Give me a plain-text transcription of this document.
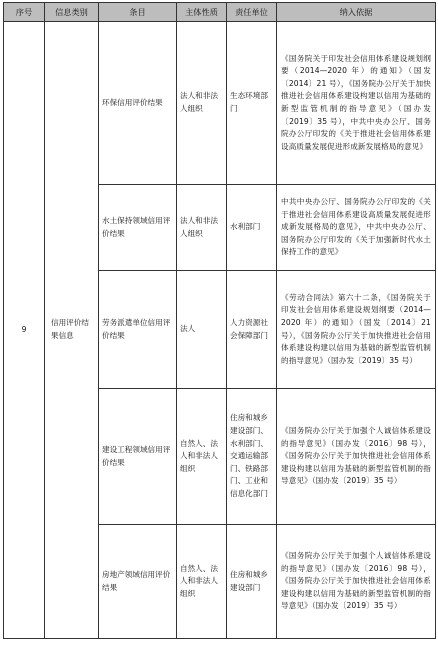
序号	信息类别	条目	主体性质	责任单位	纳入依据
9	信用评价结果信息	环保信用评价结果	法人和非法人组织	生态环境部门	《国务院关于印发社会信用体系建设规划纲要（2014—2020 年）的通知》（国发〔2014〕21 号），《国务院办公厅关于加快推进社会信用体系建设构建以信用为基础的新型监管机制的指导意见》（国办发〔2019〕35 号），中共中央办公厅、国务院办公厅印发的《关于推进社会信用体系建设高质量发展促进形成新发展格局的意见》
		水土保持领域信用评价结果	法人和非法人组织	水利部门	中共中央办公厅、国务院办公厅印发的《关于推进社会信用体系建设高质量发展促进形成新发展格局的意见》，中共中央办公厅、国务院办公厅印发的《关于加强新时代水土保持工作的意见》
		劳务派遣单位信用评价结果	法人	人力资源社会保障部门	《劳动合同法》第六十二条，《国务院关于印发社会信用体系建设规划纲要（2014—2020 年）的通知》（国发〔2014〕21 号），《国务院办公厅关于加快推进社会信用体系建设构建以信用为基础的新型监管机制的指导意见》（国办发〔2019〕35 号）
		建设工程领域信用评价结果	自然人、法人和非法人组织	住房和城乡建设部门、水利部门、交通运输部门、铁路部门、工业和信息化部门	《国务院办公厅关于加强个人诚信体系建设的指导意见》（国办发〔2016〕98 号），《国务院办公厅关于加快推进社会信用体系建设构建以信用为基础的新型监管机制的指导意见》（国办发〔2019〕35 号）
		房地产领域信用评价结果	自然人、法人和非法人组织	住房和城乡建设部门	《国务院办公厅关于加强个人诚信体系建设的指导意见》（国办发〔2016〕98 号），《国务院办公厅关于加快推进社会信用体系建设构建以信用为基础的新型监管机制的指导意见》（国办发〔2019〕35 号）
